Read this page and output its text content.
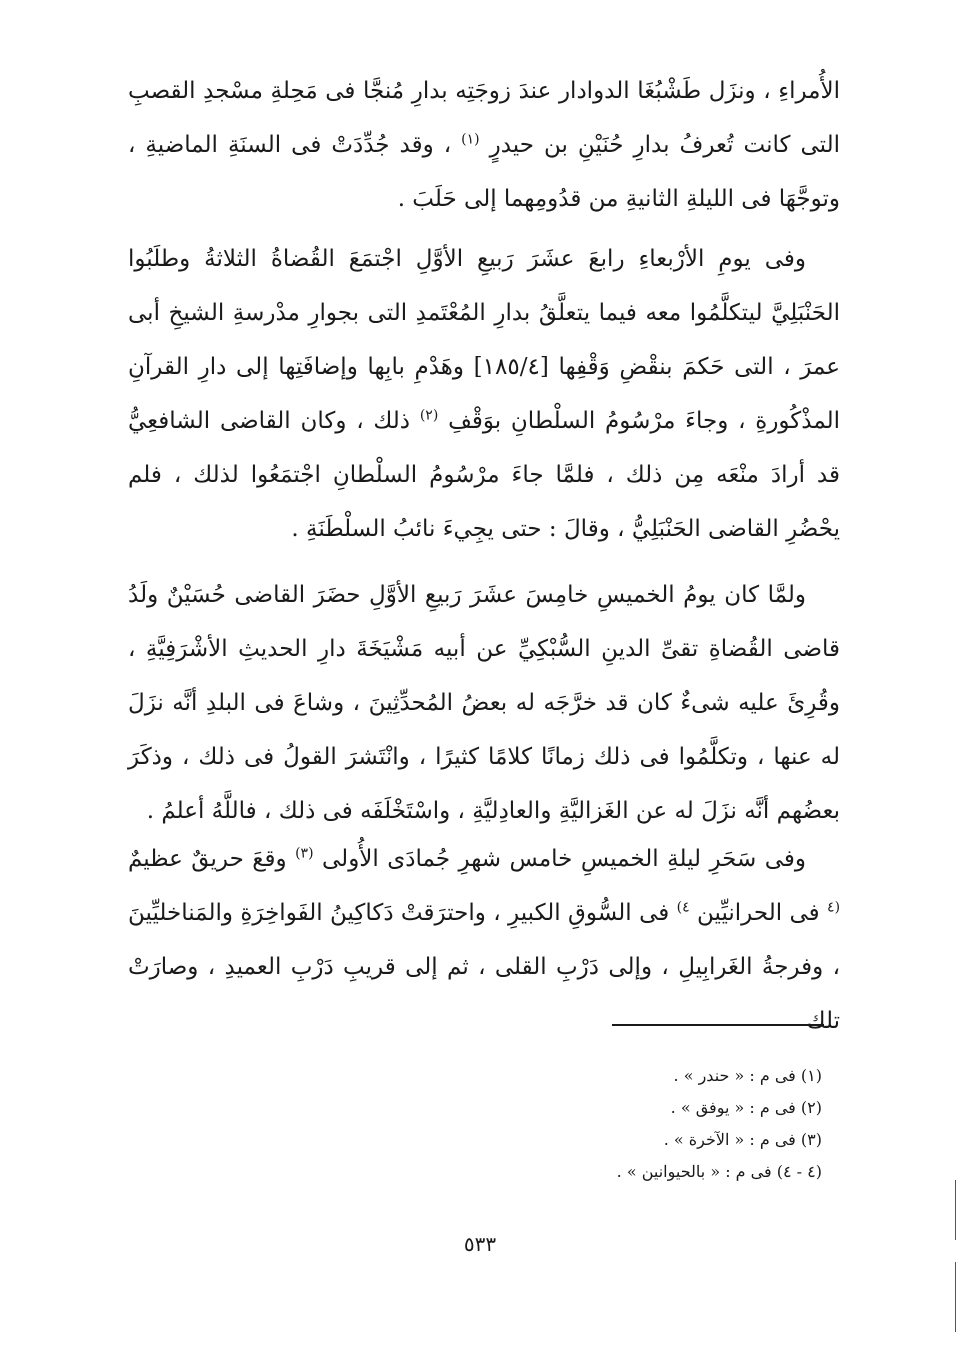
الأُمراءِ ، ونزَل طَشْبُغَا الدوادار عندَ زوجَتِه بدارِ مُنجَّا فى مَحِلةِ مسْجدِ القصبِ التى كانت تُعرفُ بدارِ حُنَيْنِ بن حيدرٍ $^{(١)}$ ، وقد جُدِّدَتْ فى السنَةِ الماضيةِ ، وتوجَّهَا فى الليلةِ الثانيةِ من قدُومِهما إلى حَلَبَ .

وفى يومِ الأرْبعاءِ رابعَ عشَرَ رَبيعِ الأوَّلِ اجْتمَعَ القُضاةُ الثلاثةُ وطلَبُوا الحَنْبَلِيَّ ليتكلَّمُوا معه فيما يتعلَّقُ بدارِ المُعْتَمدِ التى بجوارِ مدْرسةِ الشيخِ أبى عمرَ ، التى حَكمَ بنقْضِ وَقْفِها [١٨٥/٤] وهَدْمِ بابِها وإضافَتِها إلى دارِ القرآنِ المذْكُورةِ ، وجاءَ مرْسُومُ السلْطانِ بوَقْفِ $^{(٢)}$ ذلك ، وكان القاضى الشافعِيُّ قد أرادَ منْعَه مِن ذلك ، فلمَّا جاءَ مرْسُومُ السلْطانِ اجْتمَعُوا لذلك ، فلم يحْضُرِ القاضى الحَنْبَلِيُّ ، وقالَ : حتى يجِيءَ نائبُ السلْطَنَةِ .

ولمَّا كان يومُ الخميسِ خامِسَ عشَرَ رَبيعِ الأوَّلِ حضَرَ القاضى حُسَيْنٌ ولَدُ قاضى القُضاةِ تقىِّ الدينِ السُّبْكِيِّ عن أبيه مَشْيَخَةَ دارِ الحديثِ الأشْرَفِيَّةِ ، وقُرِئَ عليه شىءٌ كان قد خرَّجَه له بعضُ المُحدِّثِينَ ، وشاعَ فى البلدِ أنَّه نزَلَ له عنها ، وتكلَّمُوا فى ذلك زمانًا كلامًا كثيرًا ، وانْتَشرَ القولُ فى ذلك ، وذكَرَ بعضُهم أنَّه نزَلَ له عن الغَزاليَّةِ والعادِليَّةِ ، واسْتَخْلَفَه فى ذلك ، فاللَّهُ أعلمُ .

وفى سَحَرِ ليلةِ الخميسِ خامس شهرِ جُمادَى الأُولى $^{(٣)}$ وقعَ حريقٌ عظيمٌ $^{(٤}$ فى الحرانيِّين $^{٤)}$ فى السُّوقِ الكبيرِ ، واحترَقتْ دَكاكِينُ الفَواخِرَةِ والمَناخليِّينَ ، وفرجةُ الغَرابِيلِ ، وإلى دَرْبِ القلى ، ثم إلى قريبِ دَرْبِ العميدِ ، وصارَتْ تلك

(١) فى م : « حندر » .
(٢) فى م : « يوفق » .
(٣) فى م : « الآخرة » .
(٤ - ٤) فى م : « بالحيوانين » .
٥٣٣
